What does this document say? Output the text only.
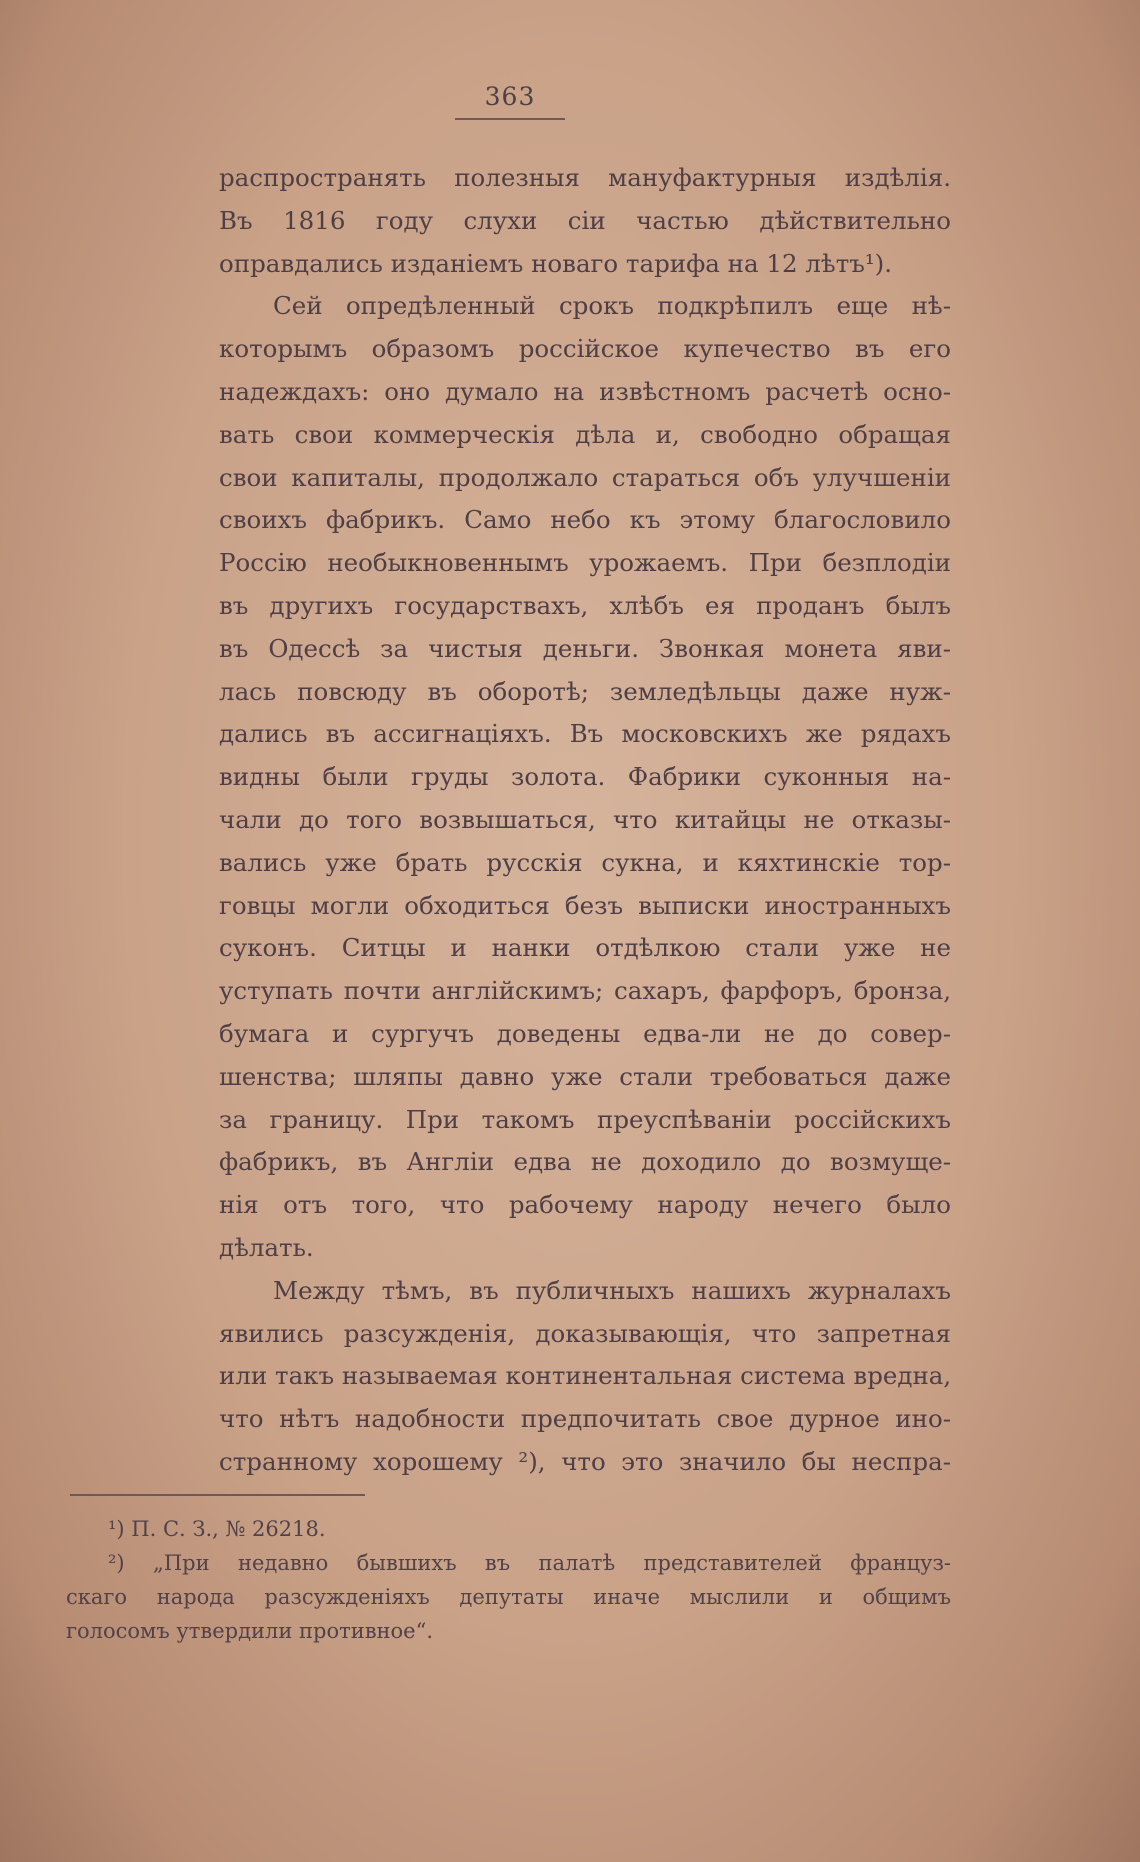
363
распространять полезныя мануфактурныя издѣлія.
Въ 1816 году слухи сіи частью дѣйствительно
оправдались изданіемъ новаго тарифа на 12 лѣтъ¹).
Сей опредѣленный срокъ подкрѣпилъ еще нѣ-
которымъ образомъ россійское купечество въ его
надеждахъ: оно думало на извѣстномъ расчетѣ осно-
вать свои коммерческія дѣла и, свободно обращая
свои капиталы, продолжало стараться объ улучшеніи
своихъ фабрикъ. Само небо къ этому благословило
Россію необыкновеннымъ урожаемъ. При безплодіи
въ другихъ государствахъ, хлѣбъ ея проданъ былъ
въ Одессѣ за чистыя деньги. Звонкая монета яви-
лась повсюду въ оборотѣ; земледѣльцы даже нуж-
дались въ ассигнаціяхъ. Въ московскихъ же рядахъ
видны были груды золота. Фабрики суконныя на-
чали до того возвышаться, что китайцы не отказы-
вались уже брать русскія сукна, и кяхтинскіе тор-
говцы могли обходиться безъ выписки иностранныхъ
суконъ. Ситцы и нанки отдѣлкою стали уже не
уступать почти англійскимъ; сахаръ, фарфоръ, бронза,
бумага и сургучъ доведены едва-ли не до совер-
шенства; шляпы давно уже стали требоваться даже
за границу. При такомъ преуспѣваніи россійскихъ
фабрикъ, въ Англіи едва не доходило до возмуще-
нія отъ того, что рабочему народу нечего было
дѣлать.
Между тѣмъ, въ публичныхъ нашихъ журналахъ
явились разсужденія, доказывающія, что запретная
или такъ называемая континентальная система вредна,
что нѣтъ надобности предпочитать свое дурное ино-
странному хорошему ²), что это значило бы неспра-
¹) П. С. З., № 26218.
²) „При недавно бывшихъ въ палатѣ представителей француз-
скаго народа разсужденіяхъ депутаты иначе мыслили и общимъ
голосомъ утвердили противное“.
